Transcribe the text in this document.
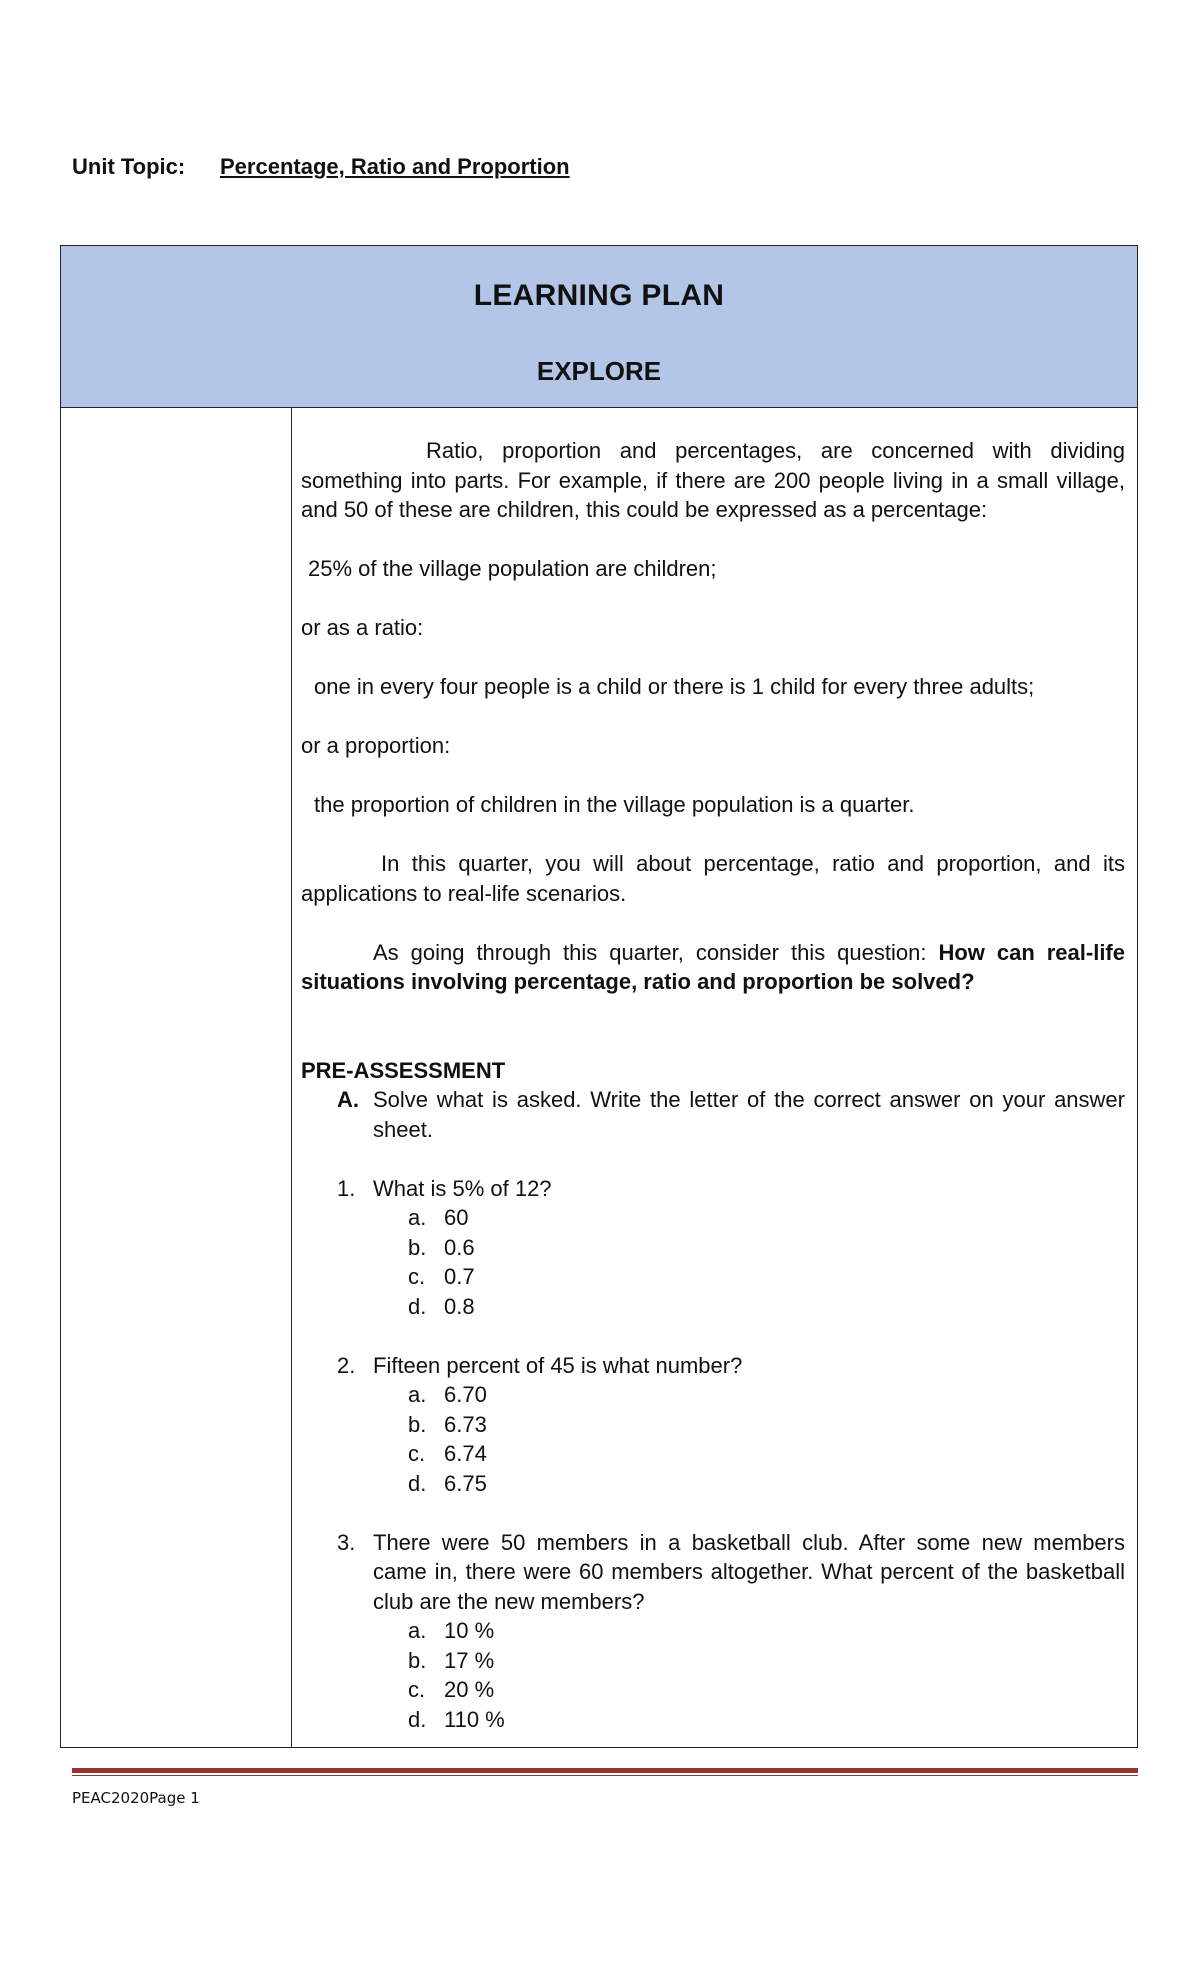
Unit Topic: Percentage, Ratio and Proportion
LEARNING PLAN
EXPLORE

Ratio, proportion and percentages, are concerned with dividing something into parts. For example, if there are 200 people living in a small village, and 50 of these are children, this could be expressed as a percentage:

25% of the village population are children;

or as a ratio:

one in every four people is a child or there is 1 child for every three adults;

or a proportion:

the proportion of children in the village population is a quarter.

In this quarter, you will about percentage, ratio and proportion, and its applications to real-life scenarios.

As going through this quarter, consider this question: How can real-life situations involving percentage, ratio and proportion be solved?

PRE-ASSESSMENT

A. Solve what is asked. Write the letter of the correct answer on your answer sheet.
1. What is 5% of 12?
a. 60
b. 0.6
c. 0.7
d. 0.8
2. Fifteen percent of 45 is what number?
a. 6.70
b. 6.73
c. 6.74
d. 6.75
3. There were 50 members in a basketball club. After some new members came in, there were 60 members altogether. What percent of the basketball club are the new members?
a. 10 %
b. 17 %
c. 20 %
d. 110 %
PEAC2020Page 1
